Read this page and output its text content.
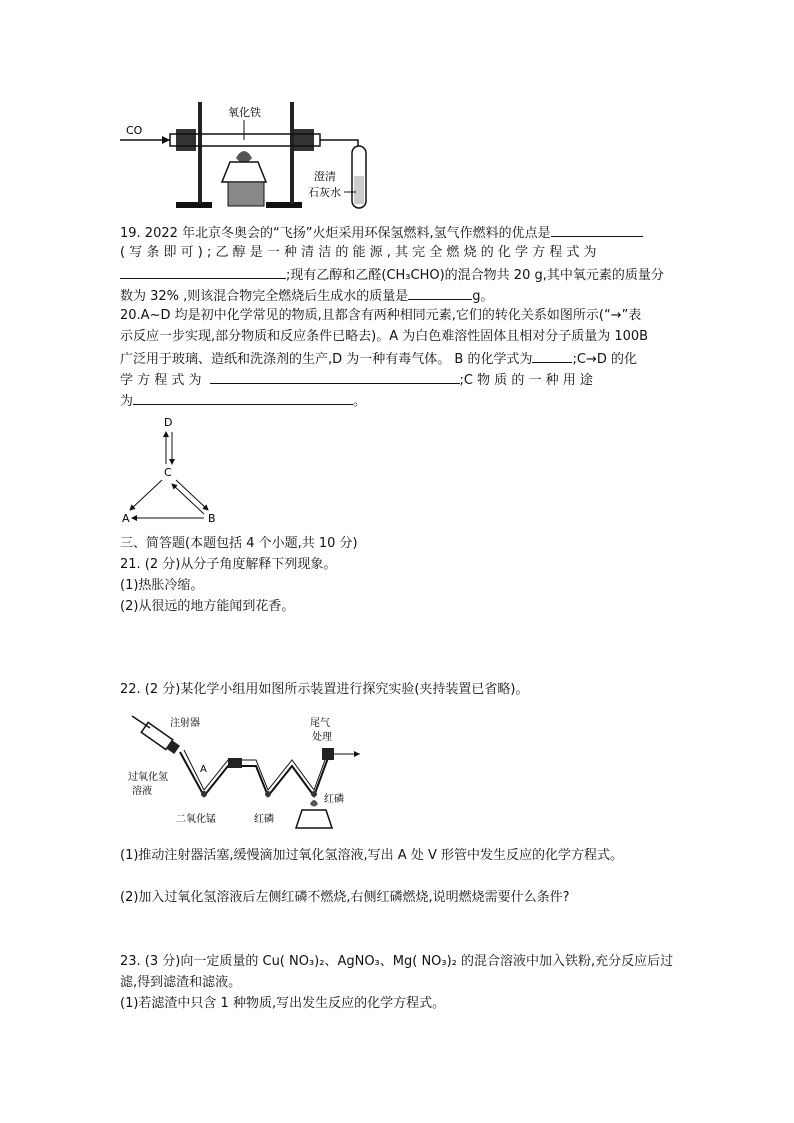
CO
氧化铁
澄清
石灰水
19. 2022 年北京冬奥会的“飞扬”火炬采用环保氢燃料,氢气作燃料的优点是
( 写 条 即 可 ) ; 乙 醇 是 一 种 清 洁 的 能 源 , 其 完 全 燃 烧 的 化 学 方 程 式 为
;现有乙醇和乙醛(CH₃CHO)的混合物共 20 g,其中氧元素的质量分
数为 32% ,则该混合物完全燃烧后生成水的质量是	g。
20.A~D 均是初中化学常见的物质,且都含有两种相同元素,它们的转化关系如图所示(“→”表
示反应一步实现,部分物质和反应条件已略去)。A 为白色难溶性固体且相对分子质量为 100B
广泛用于玻璃、造纸和洗涤剂的生产,D 为一种有毒气体。 B 的化学式为	;C→D 的化
学 方 程 式 为	;C 物 质 的 一 种 用 途
为	。
D
C
A	B
三、简答题(本题包括 4 个小题,共 10 分)
21. (2 分)从分子角度解释下列现象。
(1)热胀冷缩。
(2)从很远的地方能闻到花香。
22. (2 分)某化学小组用如图所示装置进行探究实验(夹持装置已省略)。
注射器
过氧化氢
溶液
A
二氧化锰	红磷
红磷
尾气
处理
(1)推动注射器活塞,缓慢滴加过氧化氢溶液,写出 A 处 V 形管中发生反应的化学方程式。
(2)加入过氧化氢溶液后左侧红磷不燃烧,右侧红磷燃烧,说明燃烧需要什么条件?
23. (3 分)向一定质量的 Cu( NO₃)₂、AgNO₃、Mg( NO₃)₂ 的混合溶液中加入铁粉,充分反应后过
滤,得到滤渣和滤液。
(1)若滤渣中只含 1 种物质,写出发生反应的化学方程式。
